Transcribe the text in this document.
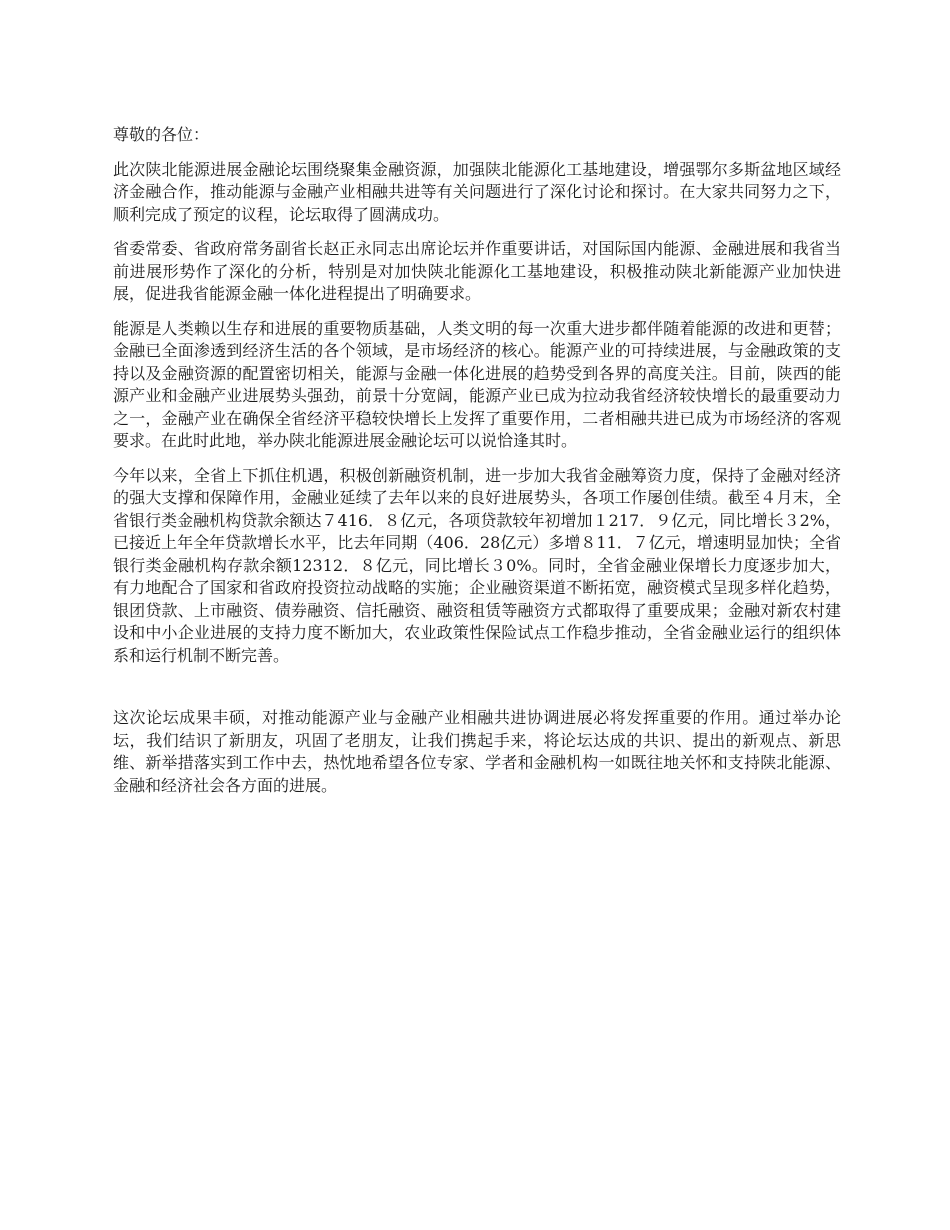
尊敬的各位：

此次陕北能源进展金融论坛围绕聚集金融资源，加强陕北能源化工基地建设，增强鄂尔多斯盆地区域经济金融合作，推动能源与金融产业相融共进等有关问题进行了深化讨论和探讨。在大家共同努力之下，顺利完成了预定的议程，论坛取得了圆满成功。

省委常委、省政府常务副省长赵正永同志出席论坛并作重要讲话，对国际国内能源、金融进展和我省当前进展形势作了深化的分析，特别是对加快陕北能源化工基地建设，积极推动陕北新能源产业加快进展，促进我省能源金融一体化进程提出了明确要求。

能源是人类赖以生存和进展的重要物质基础，人类文明的每一次重大进步都伴随着能源的改进和更替；金融已全面渗透到经济生活的各个领域，是市场经济的核心。能源产业的可持续进展，与金融政策的支持以及金融资源的配置密切相关，能源与金融一体化进展的趋势受到各界的高度关注。目前，陕西的能源产业和金融产业进展势头强劲，前景十分宽阔，能源产业已成为拉动我省经济较快增长的最重要动力之一，金融产业在确保全省经济平稳较快增长上发挥了重要作用，二者相融共进已成为市场经济的客观要求。在此时此地，举办陕北能源进展金融论坛可以说恰逢其时。

今年以来，全省上下抓住机遇，积极创新融资机制，进一步加大我省金融筹资力度，保持了金融对经济的强大支撑和保障作用，金融业延续了去年以来的良好进展势头，各项工作屡创佳绩。截至４月末，全省银行类金融机构贷款余额达７416．８亿元，各项贷款较年初增加１217．９亿元，同比增长３2%，已接近上年全年贷款增长水平，比去年同期（406．28亿元）多增８11．７亿元，增速明显加快；全省银行类金融机构存款余额12312．８亿元，同比增长３0%。同时，全省金融业保增长力度逐步加大，有力地配合了国家和省政府投资拉动战略的实施；企业融资渠道不断拓宽，融资模式呈现多样化趋势，银团贷款、上市融资、债券融资、信托融资、融资租赁等融资方式都取得了重要成果；金融对新农村建设和中小企业进展的支持力度不断加大，农业政策性保险试点工作稳步推动，全省金融业运行的组织体系和运行机制不断完善。

这次论坛成果丰硕，对推动能源产业与金融产业相融共进协调进展必将发挥重要的作用。通过举办论坛，我们结识了新朋友，巩固了老朋友，让我们携起手来，将论坛达成的共识、提出的新观点、新思维、新举措落实到工作中去，热忱地希望各位专家、学者和金融机构一如既往地关怀和支持陕北能源、金融和经济社会各方面的进展。
